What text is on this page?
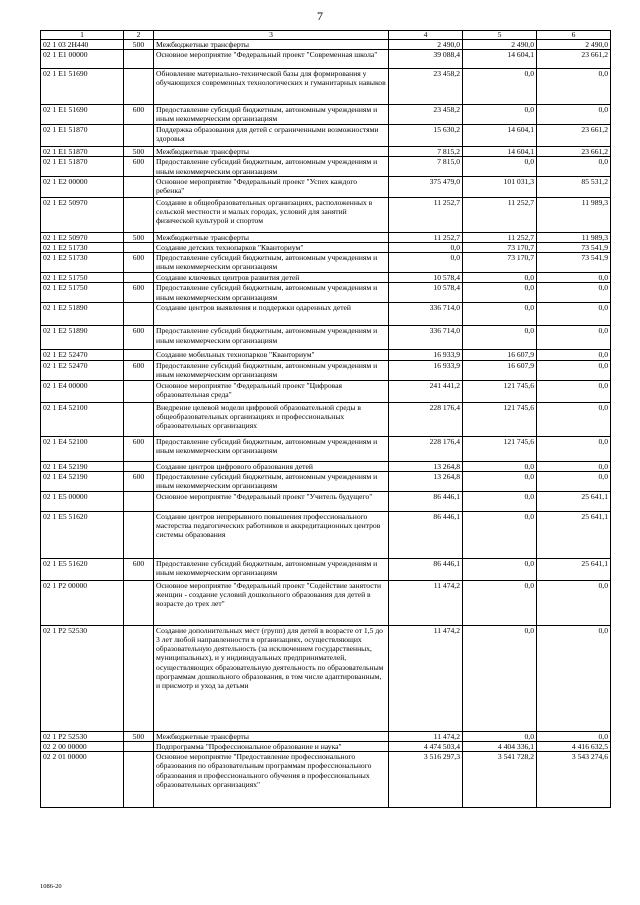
7
1	2	3	4	5	6
02 1 03 2Н440	500	Межбюджетные трансферты	2 490,0	2 490,0	2 490,0
02 1 Е1 00000		Основное мероприятие "Федеральный проект "Современная школа"	39 088,4	14 604,1	23 661,2
02 1 Е1 51690		Обновление материально-технической базы для формирования у обучающихся современных технологических и гуманитарных навыков	23 458,2	0,0	0,0
02 1 Е1 51690	600	Предоставление субсидий бюджетным, автономным учреждениям и иным некоммерческим организациям	23 458,2	0,0	0,0
02 1 Е1 51870		Поддержка образования для детей с ограниченными возможностями здоровья	15 630,2	14 604,1	23 661,2
02 1 Е1 51870	500	Межбюджетные трансферты	7 815,2	14 604,1	23 661,2
02 1 Е1 51870	600	Предоставление субсидий бюджетным, автономным учреждениям и иным некоммерческим организациям	7 815,0	0,0	0,0
02 1 Е2 00000		Основное мероприятие "Федеральный проект "Успех каждого ребенка"	375 479,0	101 031,3	85 531,2
02 1 Е2 50970		Создание в общеобразовательных организациях, расположенных в сельской местности и малых городах, условий для занятий физической культурой и спортом	11 252,7	11 252,7	11 989,3
02 1 Е2 50970	500	Межбюджетные трансферты	11 252,7	11 252,7	11 989,3
02 1 Е2 51730		Создание детских технопарков "Кванториум"	0,0	73 170,7	73 541,9
02 1 Е2 51730	600	Предоставление субсидий бюджетным, автономным учреждениям и иным некоммерческим организациям	0,0	73 170,7	73 541,9
02 1 Е2 51750		Создание ключевых центров развития детей	10 578,4	0,0	0,0
02 1 Е2 51750	600	Предоставление субсидий бюджетным, автономным учреждениям и иным некоммерческим организациям	10 578,4	0,0	0,0
02 1 Е2 51890		Создание центров выявления и поддержки одаренных детей	336 714,0	0,0	0,0
02 1 Е2 51890	600	Предоставление субсидий бюджетным, автономным учреждениям и иным некоммерческим организациям	336 714,0	0,0	0,0
02 1 Е2 52470		Создание мобильных технопарков "Кванториум"	16 933,9	16 607,9	0,0
02 1 Е2 52470	600	Предоставление субсидий бюджетным, автономным учреждениям и иным некоммерческим организациям	16 933,9	16 607,9	0,0
02 1 Е4 00000		Основное мероприятие "Федеральный проект "Цифровая образовательная среда"	241 441,2	121 745,6	0,0
02 1 Е4 52100		Внедрение целевой модели цифровой образовательной среды в общеобразовательных организациях и профессиональных образовательных организациях	228 176,4	121 745,6	0,0
02 1 Е4 52100	600	Предоставление субсидий бюджетным, автономным учреждениям и иным некоммерческим организациям	228 176,4	121 745,6	0,0
02 1 Е4 52190		Создание центров цифрового образования детей	13 264,8	0,0	0,0
02 1 Е4 52190	600	Предоставление субсидий бюджетным, автономным учреждениям и иным некоммерческим организациям	13 264,8	0,0	0,0
02 1 Е5 00000		Основное мероприятие "Федеральный проект "Учитель будущего"	86 446,1	0,0	25 641,1
02 1 Е5 51620		Создание центров непрерывного повышения профессионального мастерства педагогических работников и аккредитационных центров системы образования	86 446,1	0,0	25 641,1
02 1 Е5 51620	600	Предоставление субсидий бюджетным, автономным учреждениям и иным некоммерческим организациям	86 446,1	0,0	25 641,1
02 1 Р2 00000		Основное мероприятие "Федеральный проект "Содействие занятости женщин - создание условий дошкольного образования для детей в возрасте до трех лет"	11 474,2	0,0	0,0
02 1 Р2 52530		Создание дополнительных мест (групп) для детей в возрасте от 1,5 до 3 лет любой направленности в организациях, осуществляющих образовательную деятельность (за исключением государственных, муниципальных), и у индивидуальных предпринимателей, осуществляющих образовательную деятельность по образовательным программам дошкольного образования, в том числе адаптированным, и присмотр и уход за детьми	11 474,2	0,0	0,0
02 1 Р2 52530	500	Межбюджетные трансферты	11 474,2	0,0	0,0
02 2 00 00000		Подпрограмма "Профессиональное образование и наука"	4 474 503,4	4 404 336,1	4 416 632,5
02 2 01 00000		Основное мероприятие "Предоставление профессионального образования по образовательным программам профессионального образования и профессионального обучения в профессиональных образовательных организациях"	3 516 297,3	3 541 728,2	3 543 274,6
1086-20
